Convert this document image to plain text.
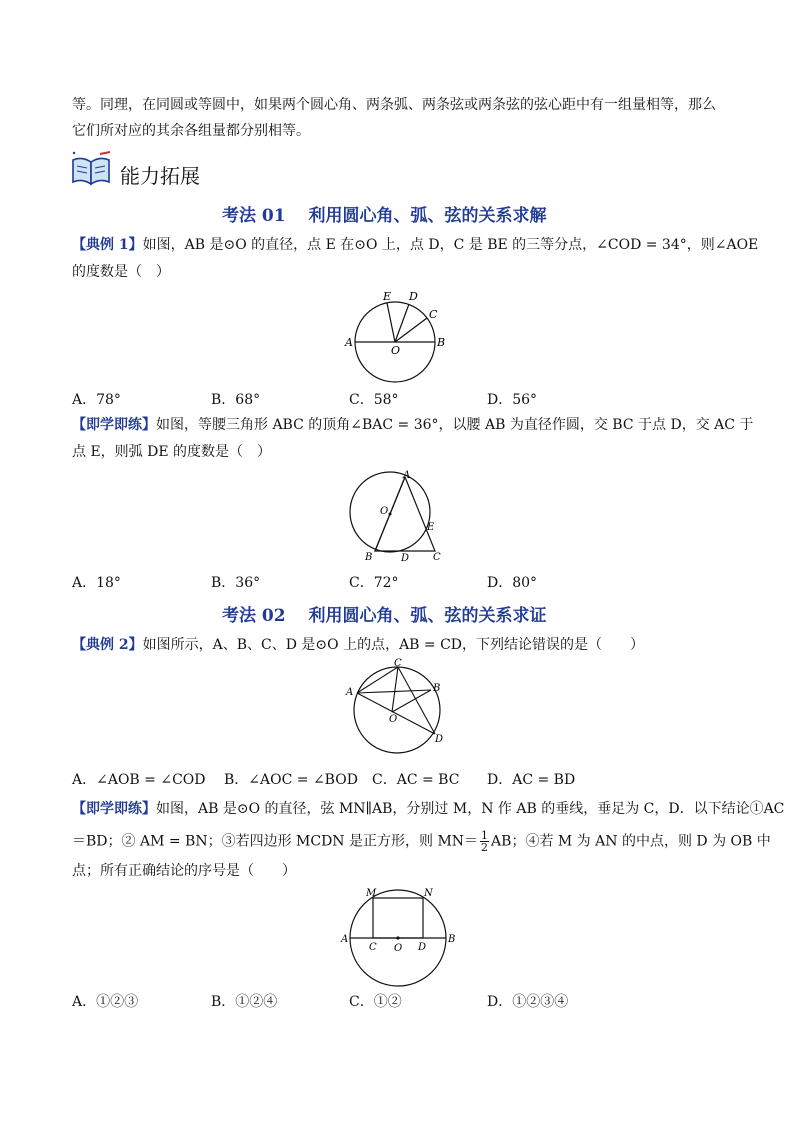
等。同理，在同圆或等圆中，如果两个圆心角、两条弧、两条弦或两条弦的弦心距中有一组量相等，那么
它们所对应的其余各组量都分别相等。
能力拓展
考法 01　 利用圆心角、弧、弦的关系求解
【典例 1】如图，AB 是⊙O 的直径，点 E 在⊙O 上，点 D，C 是 BE 的三等分点，∠COD = 34°，则∠AOE
的度数是（　）
A	B
O
E D
C
A．78°	B．68°	C．58°	D．56°
【即学即练】如图，等腰三角形 ABC 的顶角∠BAC = 36°，以腰 AB 为直径作圆，交 BC 于点 D，交 AC 于
点 E，则弧 DE 的度数是（　）
A
O
E
B	D C
A．18°	B．36°	C．72°	D．80°
考法 02　 利用圆心角、弧、弦的关系求证
【典例 2】如图所示，A、B、C、D 是⊙O 上的点，AB = CD，下列结论错误的是（　　）
C
A	B
O
D
A．∠AOB = ∠COD B．∠AOC = ∠BOD C．AC = BC D．AC = BD
【即学即练】如图，AB 是⊙O 的直径，弦 MN∥AB，分别过 M，N 作 AB 的垂线，垂足为 C，D．以下结论①AC
＝BD；② AM = BN；③若四边形 MCDN 是正方形，则 $MN= \frac{1}{2}$ AB；④若 M 为 AN 的中点，则 D 为 OB 中
点；所有正确结论的序号是（　　）
M	N
A
C O D
B
A．①②③	B．①②④	C．①②	D．①②③④
